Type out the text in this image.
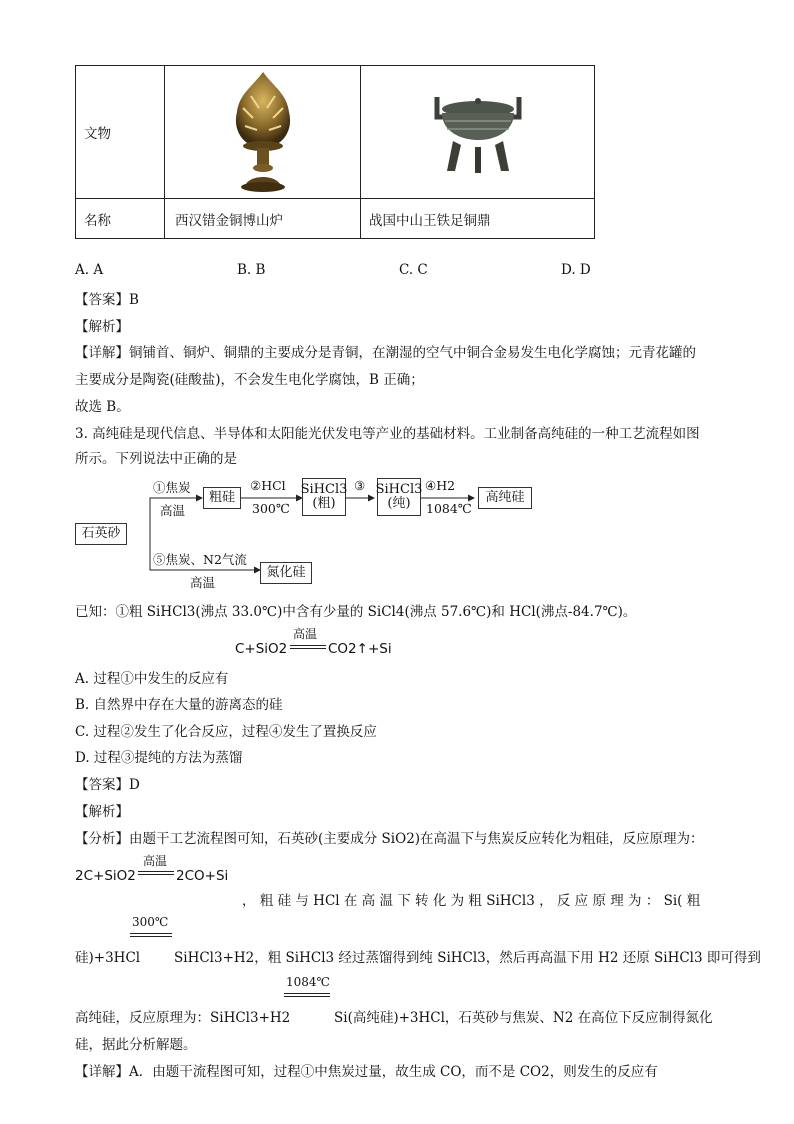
文物	

名称	西汉错金铜博山炉	战国中山王铁足铜鼎
A. A	B. B	C. C	D. D
【答案】B
【解析】
【详解】铜铺首、铜炉、铜鼎的主要成分是青铜，在潮湿的空气中铜合金易发生电化学腐蚀；元青花罐的
主要成分是陶瓷(硅酸盐)，不会发生电化学腐蚀，B 正确；
故选 B。
3. 高纯硅是现代信息、半导体和太阳能光伏发电等产业的基础材料。工业制备高纯硅的一种工艺流程如图
所示。下列说法中正确的是
石英砂
①焦炭
高温
粗硅
②HCl
300℃
SiHCl3
(粗)
③ SiHCl3
(纯)
④H2
1084℃
高纯硅
⑤焦炭、N2气流
高温
氮化硅
已知：①粗 SiHCl3(沸点 33.0℃)中含有少量的 SiCl4(沸点 57.6℃)和 HCl(沸点-84.7℃)。
C+SiO2
高温
CO2↑+Si
A. 过程①中发生的反应有
B. 自然界中存在大量的游离态的硅
C. 过程②发生了化合反应，过程④发生了置换反应
D. 过程③提纯的方法为蒸馏
【答案】D
【解析】
【分析】由题干工艺流程图可知，石英砂(主要成分 SiO2)在高温下与焦炭反应转化为粗硅，反应原理为：
2C+SiO2
高温
2CO+Si
， 粗 硅 与 HCl 在 高 温 下 转 化 为 粗 SiHCl3 ， 反 应 原 理 为 ： Si( 粗
300℃
硅)+3HCl	SiHCl3+H2，粗 SiHCl3 经过蒸馏得到纯 SiHCl3，然后再高温下用 H2 还原 SiHCl3 即可得到
1084℃
高纯硅，反应原理为：SiHCl3+H2	Si(高纯硅)+3HCl，石英砂与焦炭、N2 在高位下反应制得氮化
硅，据此分析解题。
【详解】A．由题干流程图可知，过程①中焦炭过量，故生成 CO，而不是 CO2，则发生的反应有
